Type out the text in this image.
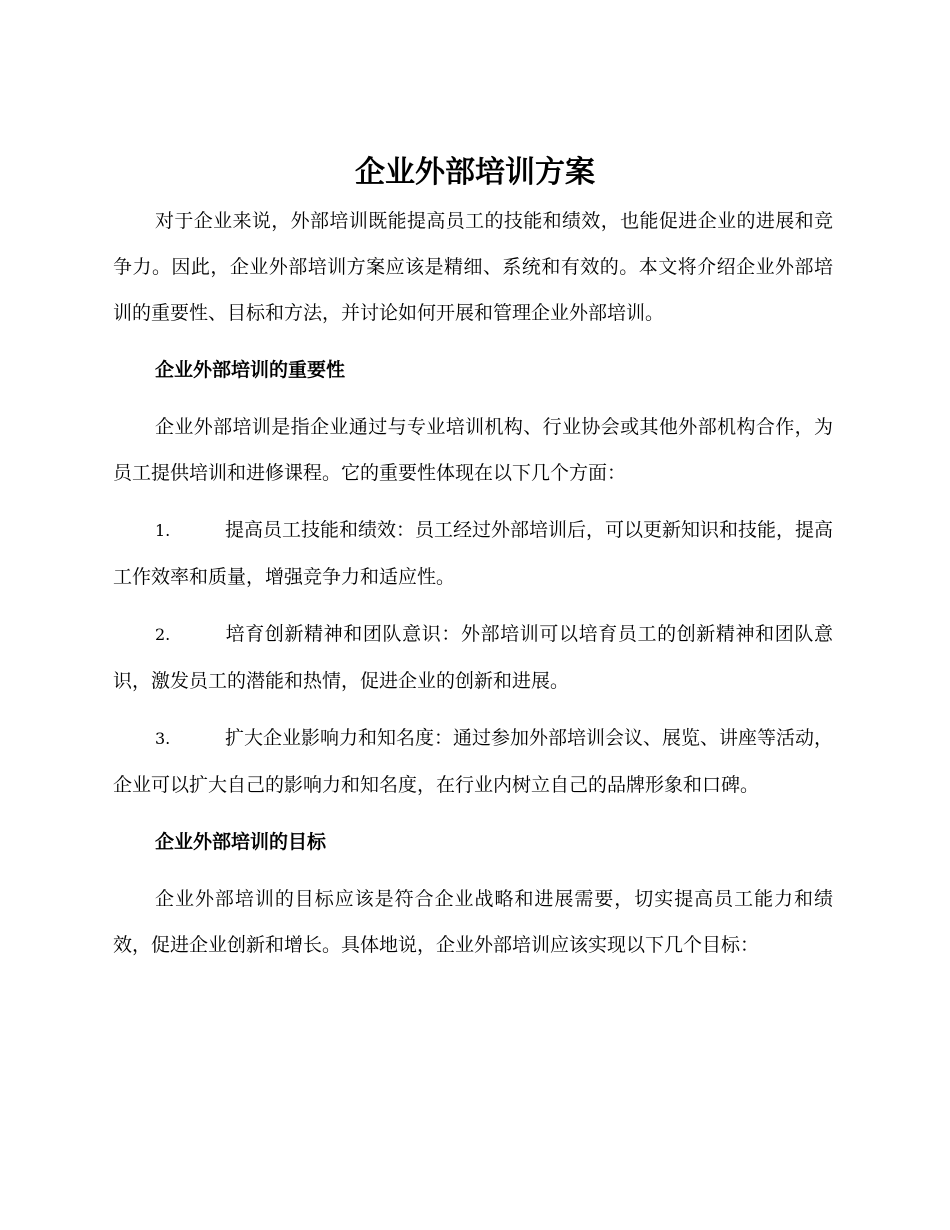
企业外部培训方案

对于企业来说，外部培训既能提高员工的技能和绩效，也能促进企业的进展和竞争力。因此，企业外部培训方案应该是精细、系统和有效的。本文将介绍企业外部培训的重要性、目标和方法，并讨论如何开展和管理企业外部培训。

企业外部培训的重要性

企业外部培训是指企业通过与专业培训机构、行业协会或其他外部机构合作，为员工提供培训和进修课程。它的重要性体现在以下几个方面：

1.	提高员工技能和绩效：员工经过外部培训后，可以更新知识和技能，提高工作效率和质量，增强竞争力和适应性。
2.	培育创新精神和团队意识：外部培训可以培育员工的创新精神和团队意识，激发员工的潜能和热情，促进企业的创新和进展。
3.	扩大企业影响力和知名度：通过参加外部培训会议、展览、讲座等活动，企业可以扩大自己的影响力和知名度，在行业内树立自己的品牌形象和口碑。
企业外部培训的目标

企业外部培训的目标应该是符合企业战略和进展需要，切实提高员工能力和绩效，促进企业创新和增长。具体地说，企业外部培训应该实现以下几个目标：
